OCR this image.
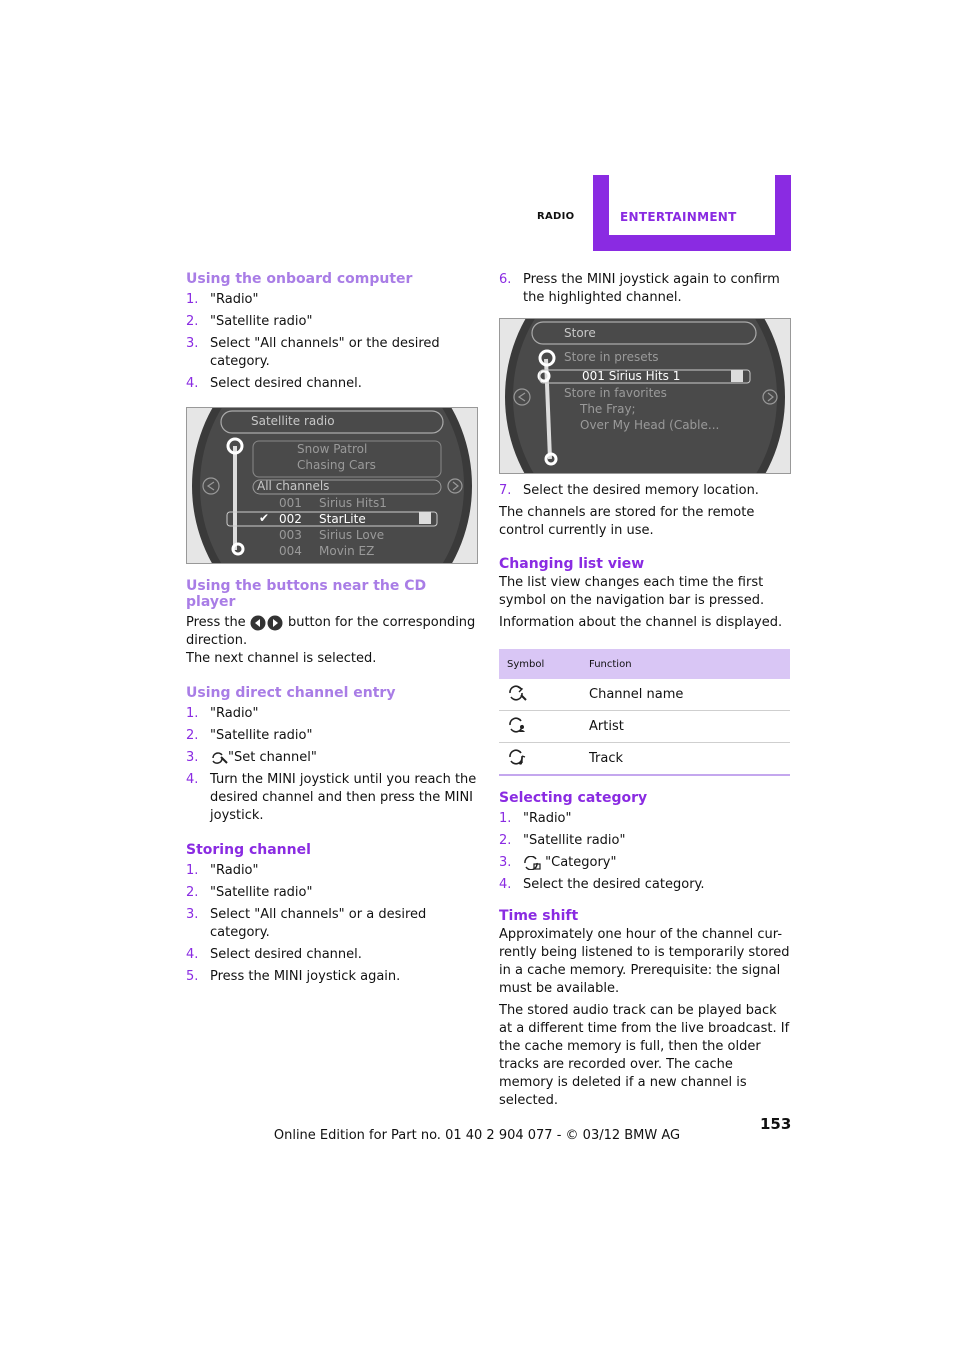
RADIO	ENTERTAINMENT
Using the onboard computer
1. "Radio"
2. "Satellite radio"
3. Select "All channels" or the desired category.
4. Select desired channel.
Satellite radio
Snow Patrol
Chasing Cars
All channels
001 Sirius Hits1
✔ 002 StarLite
003 Sirius Love
004 Movin EZ
Using the buttons near the CD player

Press the	button for the corresponding direction.

The next channel is selected.

Using direct channel entry
1. "Radio"
2. "Satellite radio"
3. "Set channel"
4. Turn the MINI joystick until you reach the desired channel and then press the MINI joystick.
Storing channel
1. "Radio"
2. "Satellite radio"
3. Select "All channels" or a desired category.
4. Select desired channel.
5. Press the MINI joystick again.
6. Press the MINI joystick again to confirm the highlighted channel.
Store
Store in presets
001 Sirius Hits 1
Store in favorites
The Fray;
Over My Head (Cable...
7. Select the desired memory location.

The channels are stored for the remote control currently in use.

Changing list view

The list view changes each time the first symbol on the navigation bar is pressed.

Information about the channel is displayed.

Symbol	Function
	Channel name
	Artist
	Track
Selecting category
1. "Radio"
2. "Satellite radio"
3.	"Category"
4. Select the desired category.
Time shift

Approximately one hour of the channel cur-rently being listened to is temporarily stored in a cache memory. Prerequisite: the signal must be available.

The stored audio track can be played back at a different time from the live broadcast. If the cache memory is full, then the older tracks are recorded over. The cache memory is deleted if a new channel is selected.

153
Online Edition for Part no. 01 40 2 904 077 - © 03/12 BMW AG
